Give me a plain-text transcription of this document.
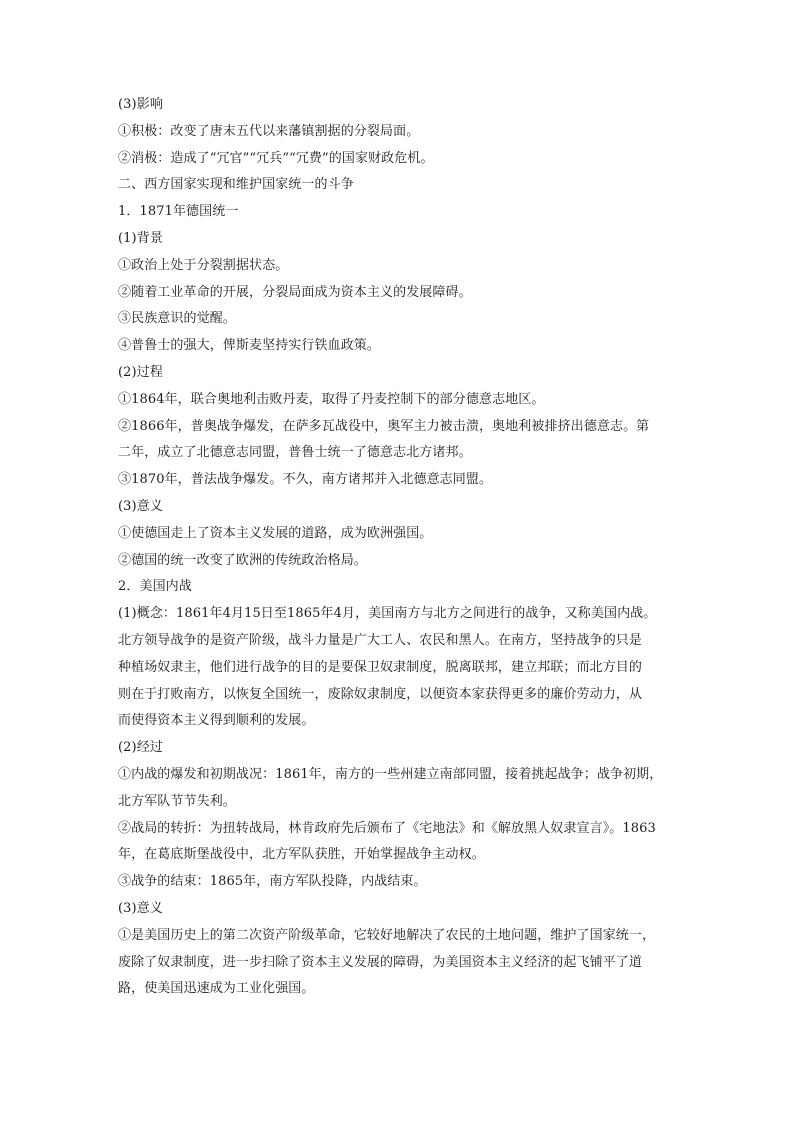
(3)影响
①积极：改变了唐末五代以来藩镇割据的分裂局面。
②消极：造成了“冗官”“冗兵”“冗费”的国家财政危机。
二、西方国家实现和维护国家统一的斗争
1．1871年德国统一
(1)背景
①政治上处于分裂割据状态。
②随着工业革命的开展，分裂局面成为资本主义的发展障碍。
③民族意识的觉醒。
④普鲁士的强大，俾斯麦坚持实行铁血政策。
(2)过程
①1864年，联合奥地利击败丹麦，取得了丹麦控制下的部分德意志地区。
②1866年，普奥战争爆发，在萨多瓦战役中，奥军主力被击溃，奥地利被排挤出德意志。第
二年，成立了北德意志同盟，普鲁士统一了德意志北方诸邦。
③1870年，普法战争爆发。不久，南方诸邦并入北德意志同盟。
(3)意义
①使德国走上了资本主义发展的道路，成为欧洲强国。
②德国的统一改变了欧洲的传统政治格局。
2．美国内战
(1)概念：1861年4月15日至1865年4月，美国南方与北方之间进行的战争，又称美国内战。
北方领导战争的是资产阶级，战斗力量是广大工人、农民和黑人。在南方，坚持战争的只是
种植场奴隶主，他们进行战争的目的是要保卫奴隶制度，脱离联邦，建立邦联；而北方目的
则在于打败南方，以恢复全国统一，废除奴隶制度，以便资本家获得更多的廉价劳动力，从
而使得资本主义得到顺利的发展。
(2)经过
①内战的爆发和初期战况：1861年，南方的一些州建立南部同盟，接着挑起战争；战争初期，
北方军队节节失利。
②战局的转折：为扭转战局，林肯政府先后颁布了《宅地法》和《解放黑人奴隶宣言》。1863
年，在葛底斯堡战役中，北方军队获胜，开始掌握战争主动权。
③战争的结束：1865年，南方军队投降，内战结束。
(3)意义
①是美国历史上的第二次资产阶级革命，它较好地解决了农民的土地问题，维护了国家统一，
废除了奴隶制度，进一步扫除了资本主义发展的障碍，为美国资本主义经济的起飞铺平了道
路，使美国迅速成为工业化强国。
